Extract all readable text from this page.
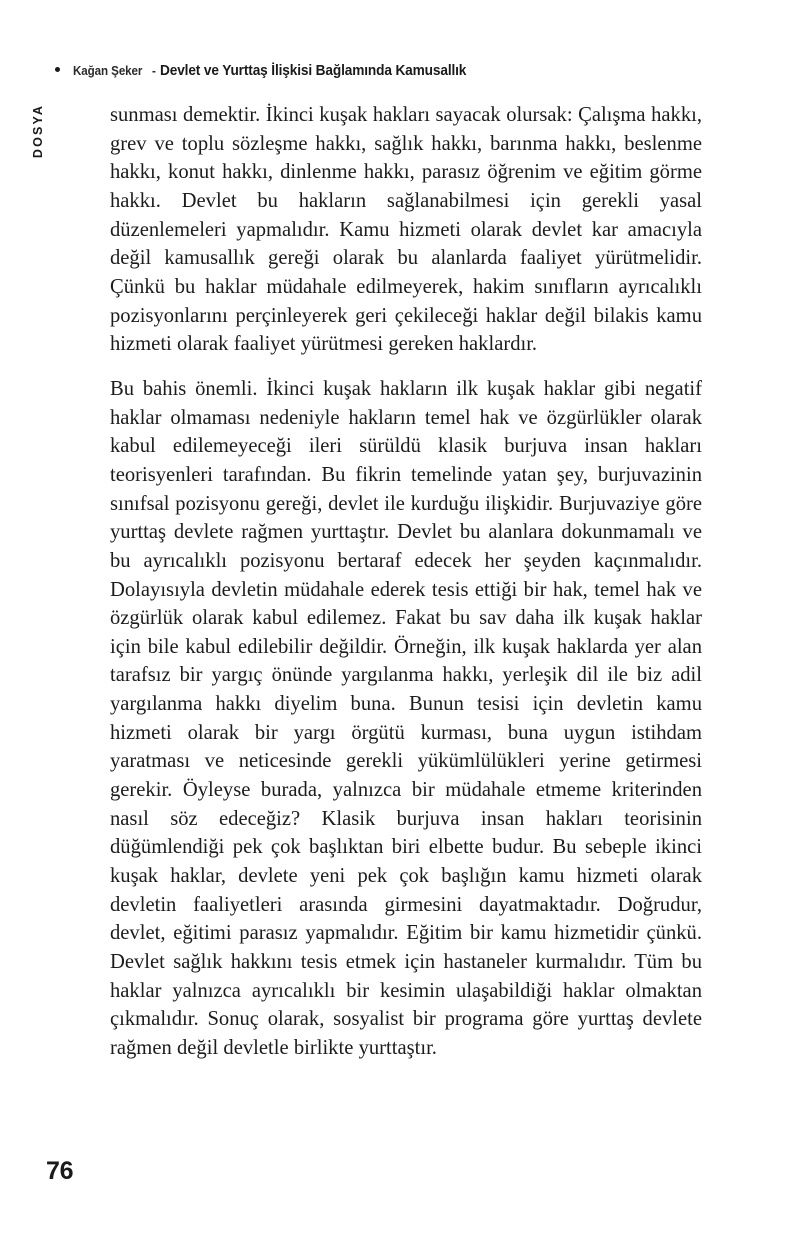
Kağan Şeker - Devlet ve Yurttaş İlişkisi Bağlamında Kamusallık
DOSYA	sunması demektir. İkinci kuşak hakları sayacak olursak: Çalışma hakkı, grev ve toplu sözleşme hakkı, sağlık hakkı, barınma hakkı, beslenme hakkı, konut hakkı, dinlenme hakkı, parasız öğrenim ve eğitim görme hakkı. Devlet bu hakların sağlanabilmesi için gerekli yasal düzenlemeleri yapmalıdır. Kamu hizmeti olarak devlet kar amacıyla değil kamusallık gereği olarak bu alanlarda faaliyet yürütmelidir. Çünkü bu haklar müdahale edilmeyerek, hakim sınıfların ayrıcalıklı pozisyonlarını perçinleyerek geri çekileceği haklar değil bilakis kamu hizmeti olarak faaliyet yürütmesi gereken haklardır.

Bu bahis önemli. İkinci kuşak hakların ilk kuşak haklar gibi negatif haklar olmaması nedeniyle hakların temel hak ve özgürlükler olarak kabul edilemeyeceği ileri sürüldü klasik burjuva insan hakları teorisyenleri tarafından. Bu fikrin temelinde yatan şey, burjuvazinin sınıfsal pozisyonu gereği, devlet ile kurduğu ilişkidir. Burjuvaziye göre yurttaş devlete rağmen yurttaştır. Devlet bu alanlara dokunmamalı ve bu ayrıcalıklı pozisyonu bertaraf edecek her şeyden kaçınmalıdır. Dolayısıyla devletin müdahale ederek tesis ettiği bir hak, temel hak ve özgürlük olarak kabul edilemez. Fakat bu sav daha ilk kuşak haklar için bile kabul edilebilir değildir. Örneğin, ilk kuşak haklarda yer alan tarafsız bir yargıç önünde yargılanma hakkı, yerleşik dil ile biz adil yargılanma hakkı diyelim buna. Bunun tesisi için devletin kamu hizmeti olarak bir yargı örgütü kurması, buna uygun istihdam yaratması ve neticesinde gerekli yükümlülükleri yerine getirmesi gerekir. Öyleyse burada, yalnızca bir müdahale etmeme kriterinden nasıl söz edeceğiz? Klasik burjuva insan hakları teorisinin düğümlendiği pek çok başlıktan biri elbette budur. Bu sebeple ikinci kuşak haklar, devlete yeni pek çok başlığın kamu hizmeti olarak devletin faaliyetleri arasında girmesini dayatmaktadır. Doğrudur, devlet, eğitimi parasız yapmalıdır. Eğitim bir kamu hizmetidir çünkü. Devlet sağlık hakkını tesis etmek için hastaneler kurmalıdır. Tüm bu haklar yalnızca ayrıcalıklı bir kesimin ulaşabildiği haklar olmaktan çıkmalıdır. Sonuç olarak, sosyalist bir programa göre yurttaş devlete rağmen değil devletle birlikte yurttaştır.

76
